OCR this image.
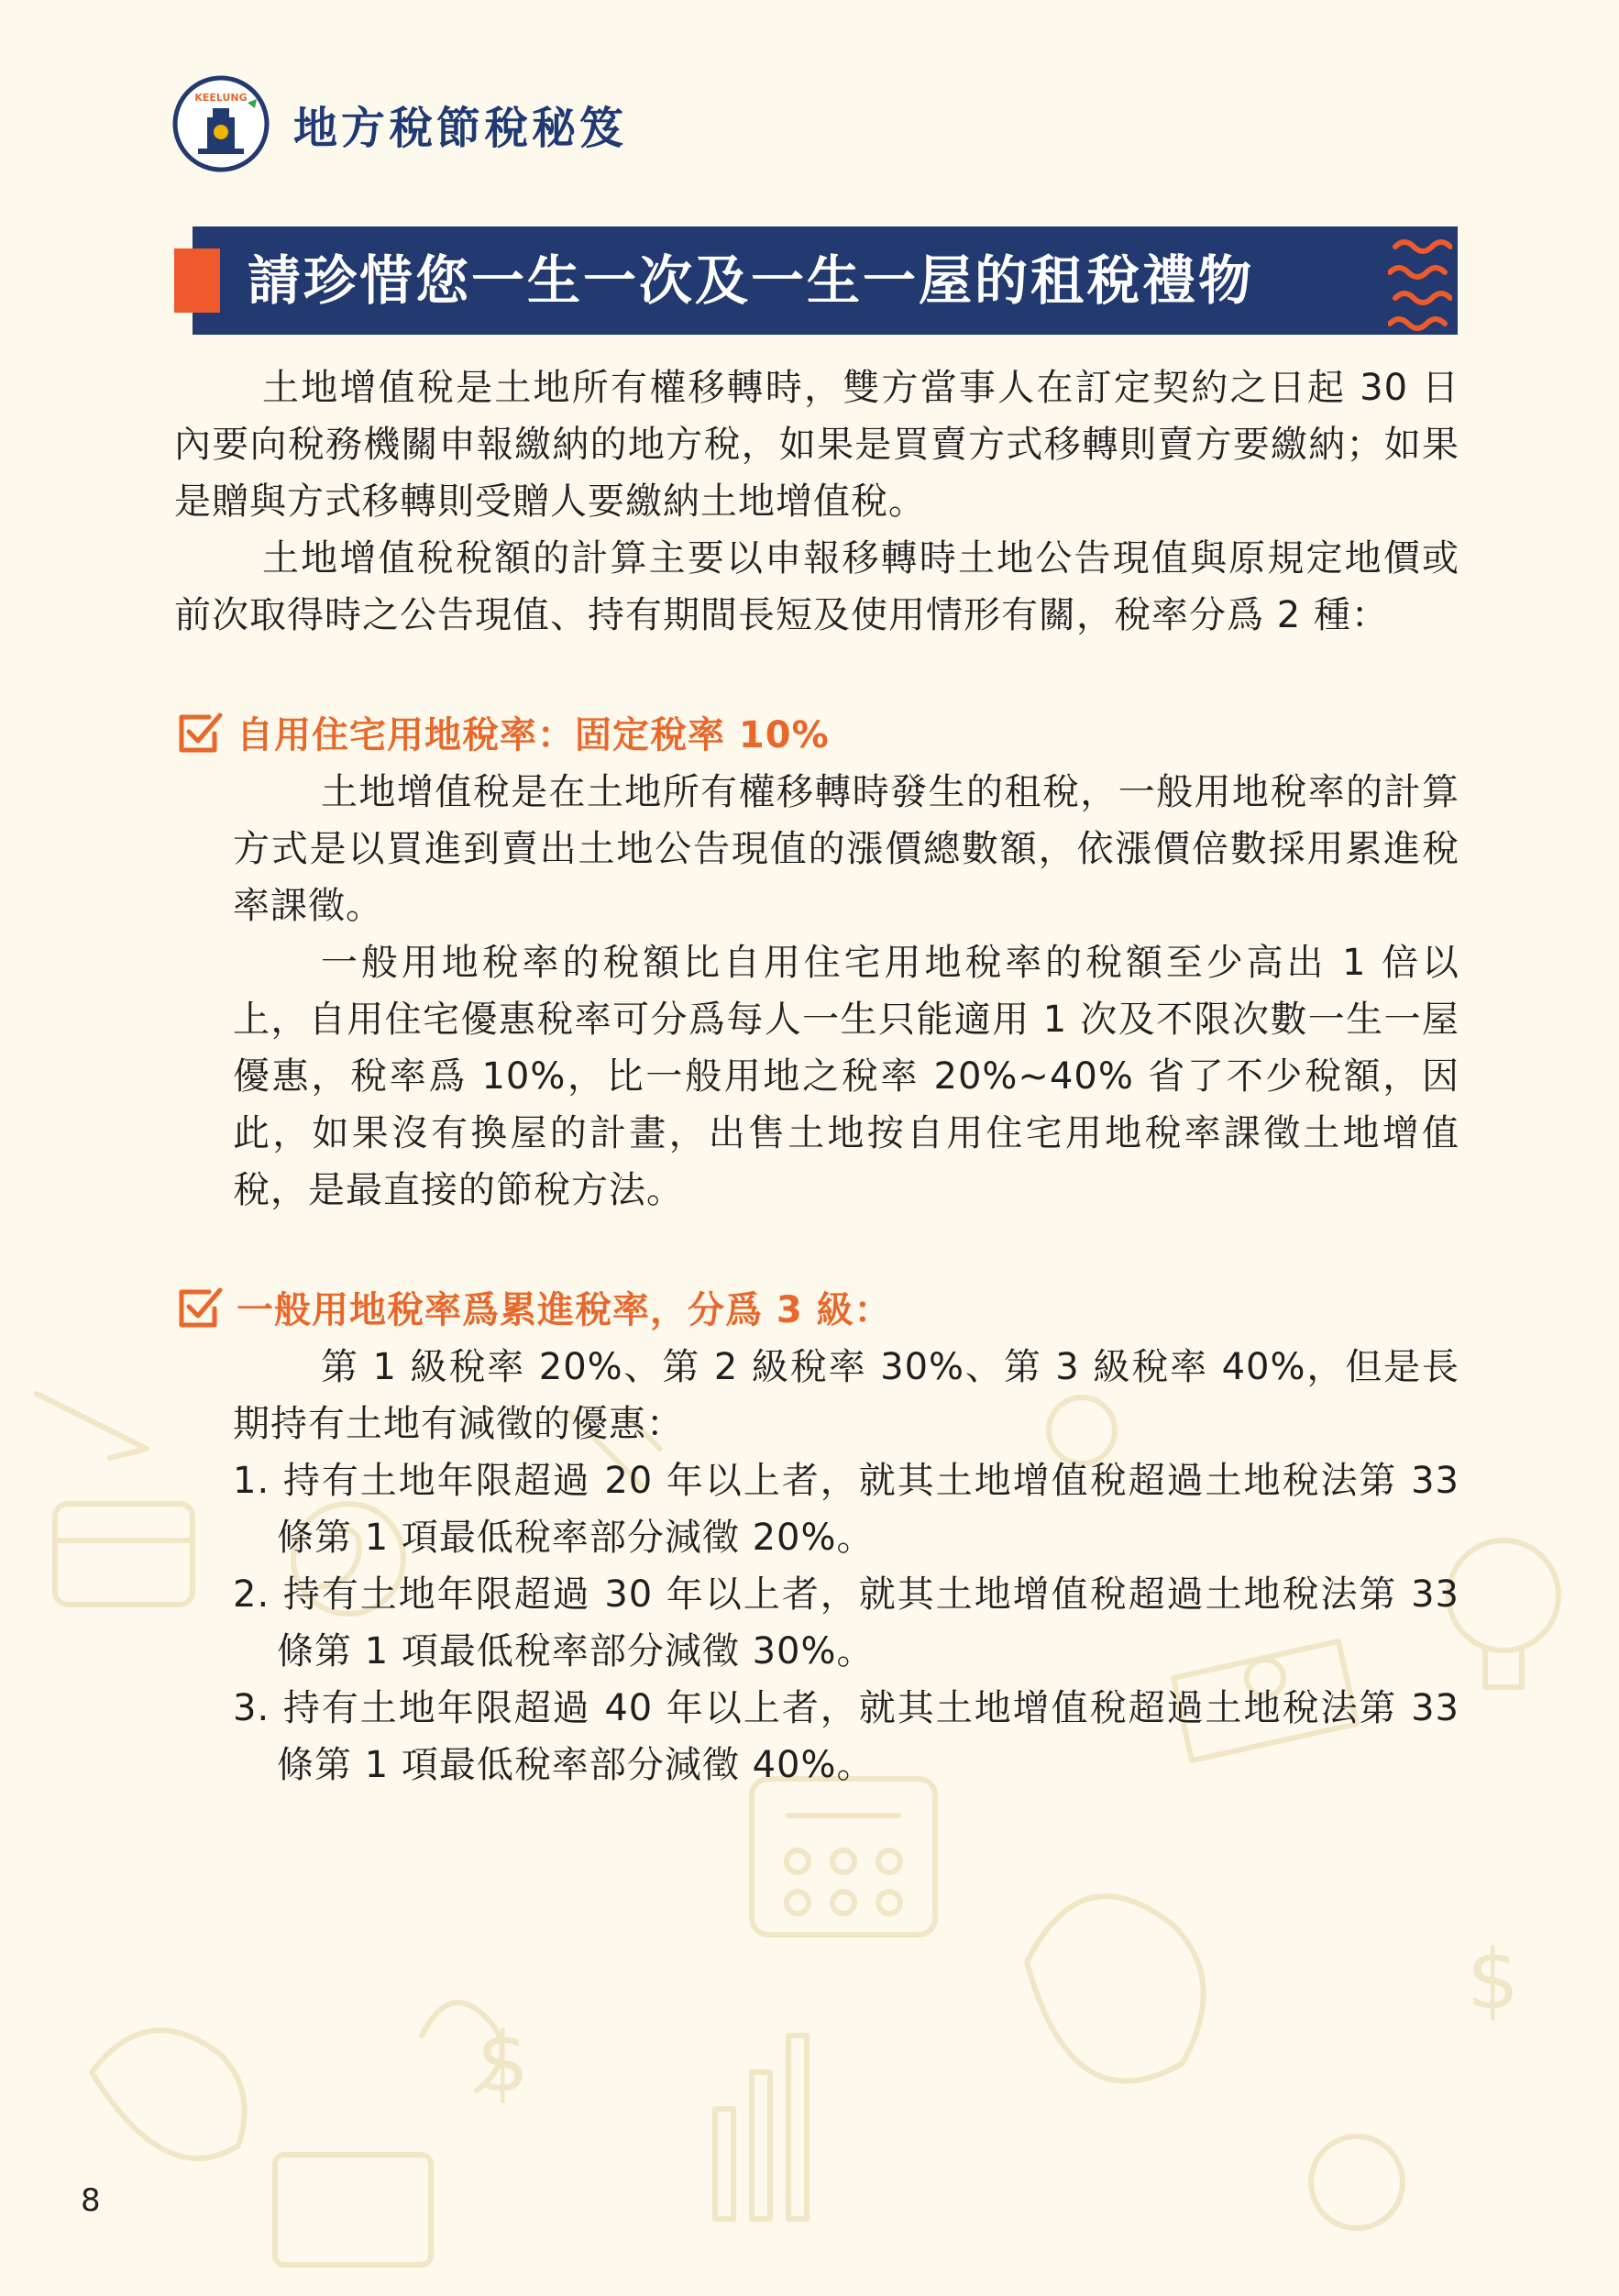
$
$
KEELUNG
地方稅節稅秘笈
請珍惜您一生一次及一生一屋的租稅禮物

土地增值稅是土地所有權移轉時，雙方當事人在訂定契約之日起 30 日內要向稅務機關申報繳納的地方稅，如果是買賣方式移轉則賣方要繳納；如果是贈與方式移轉則受贈人要繳納土地增值稅。

土地增值稅稅額的計算主要以申報移轉時土地公告現值與原規定地價或前次取得時之公告現值、持有期間長短及使用情形有關，稅率分爲 2 種：

自用住宅用地稅率：固定稅率 10%

土地增值稅是在土地所有權移轉時發生的租稅，一般用地稅率的計算方式是以買進到賣出土地公告現值的漲價總數額，依漲價倍數採用累進稅率課徵。

一般用地稅率的稅額比自用住宅用地稅率的稅額至少高出 1 倍以上，自用住宅優惠稅率可分爲每人一生只能適用 1 次及不限次數一生一屋優惠，稅率爲 10%，比一般用地之稅率 20%~40% 省了不少稅額，因此，如果沒有換屋的計畫，出售土地按自用住宅用地稅率課徵土地增值稅，是最直接的節稅方法。

一般用地稅率爲累進稅率，分爲 3 級：

第 1 級稅率 20%、第 2 級稅率 30%、第 3 級稅率 40%，但是長期持有土地有減徵的優惠：

1. 持有土地年限超過 20 年以上者，就其土地增值稅超過土地稅法第 33 條第 1 項最低稅率部分減徵 20%。
2. 持有土地年限超過 30 年以上者，就其土地增值稅超過土地稅法第 33 條第 1 項最低稅率部分減徵 30%。
3. 持有土地年限超過 40 年以上者，就其土地增值稅超過土地稅法第 33 條第 1 項最低稅率部分減徵 40%。
8
